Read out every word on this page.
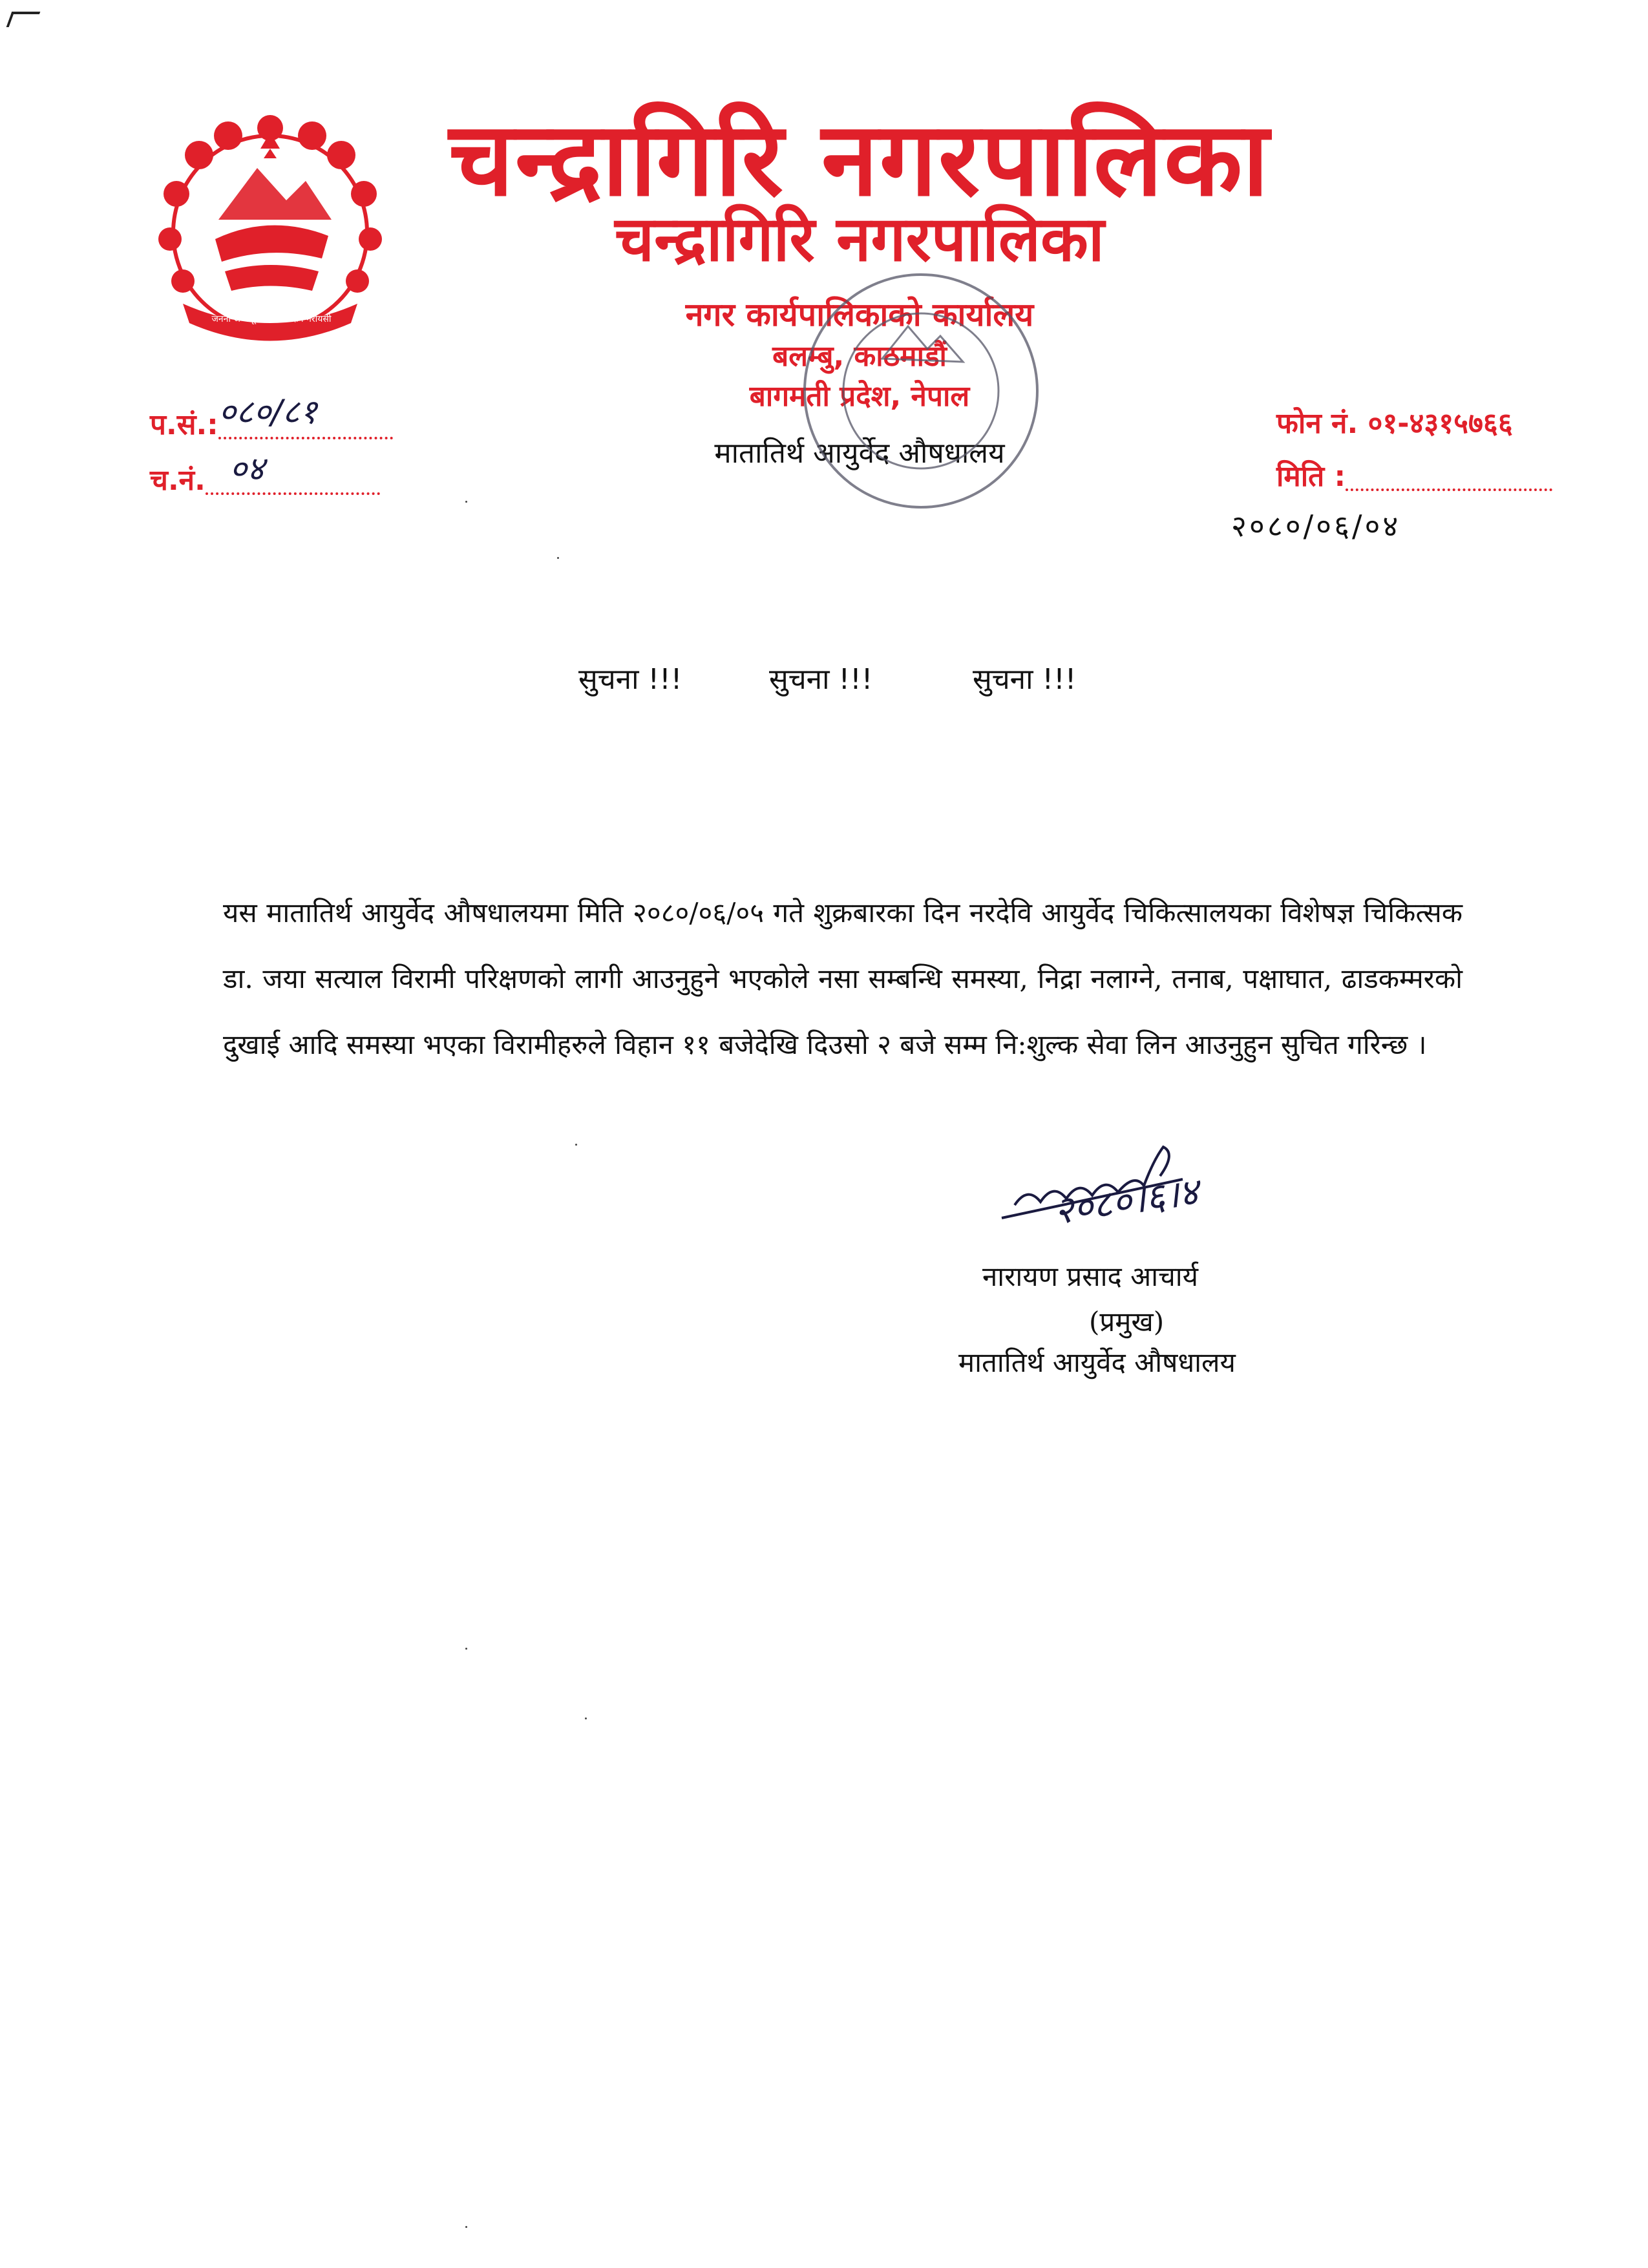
जननी जन्मभूमिश्च स्वर्गादपि गरीयसी
चन्द्रागिरि नगरपालिका
चन्द्रागिरि नगरपालिका
नगर कार्यपालिकाको कार्यालय
बलम्बु, काठमाडौं
बागमती प्रदेश, नेपाल
मातातिर्थ आयुर्वेद औषधालय
प.सं.: ०८०/८१
च.नं. ०४
फोन नं. ०१-४३१५७६६
मिति :
२०८०/०६/०४
सुचना !!!	सुचना !!!	सुचना !!!
यस मातातिर्थ आयुर्वेद औषधालयमा मिति २०८०/०६/०५ गते शुक्रबारका दिन नरदेवि आयुर्वेद चिकित्सालयका विशेषज्ञ चिकित्सक डा. जया सत्याल विरामी परिक्षणको लागी आउनुहुने भएकोले नसा सम्बन्धि समस्या, निद्रा नलाग्ने, तनाब, पक्षाघात, ढाडकम्मरको दुखाई आदि समस्या भएका विरामीहरुले विहान ११ बजेदेखि दिउसो २ बजे सम्म नि:शुल्क सेवा लिन आउनुहुन सुचित गरिन्छ ।
२०८०।६।४
नारायण प्रसाद आचार्य
(प्रमुख)
मातातिर्थ आयुर्वेद औषधालय
